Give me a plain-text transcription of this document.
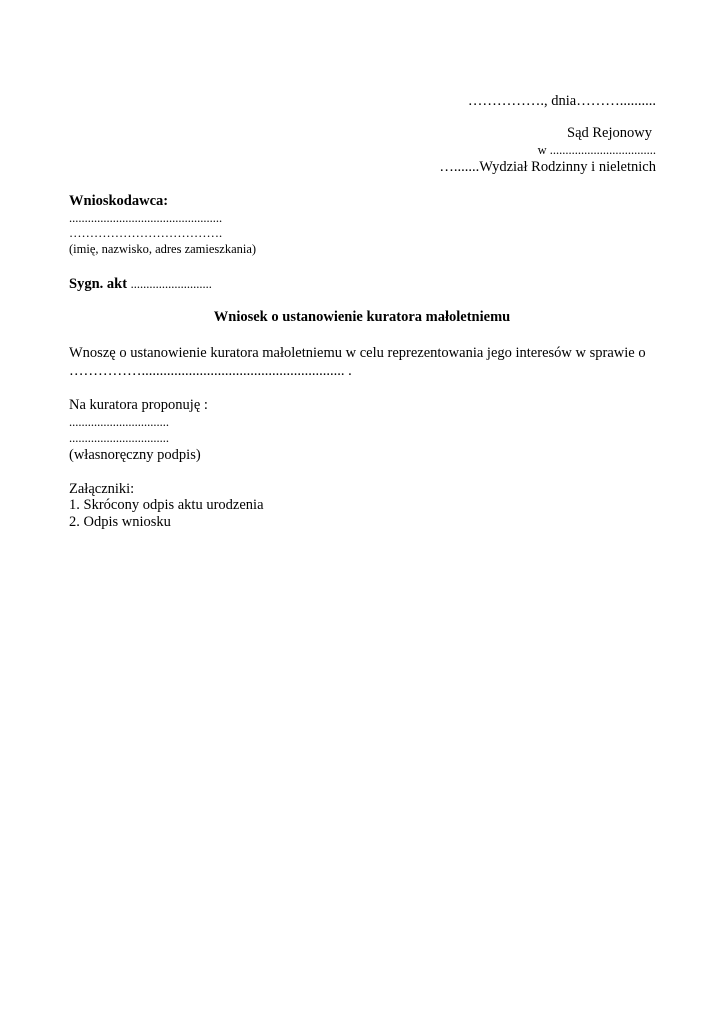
……………., dnia………..........
Sąd Rejonowy
w ..................................
….......Wydział Rodzinny i nieletnich
Wnioskodawca:
.................................................
……………………………….
(imię, nazwisko, adres zamieszkania)
Sygn. akt ..........................
Wniosek o ustanowienie kuratora małoletniemu
Wnoszę o ustanowienie kuratora małoletniemu w celu reprezentowania jego interesów w sprawie o
……………........................................................ .
Na kuratora proponuję :
................................
................................
(własnoręczny podpis)
Załączniki:
1. Skrócony odpis aktu urodzenia
2. Odpis wniosku
